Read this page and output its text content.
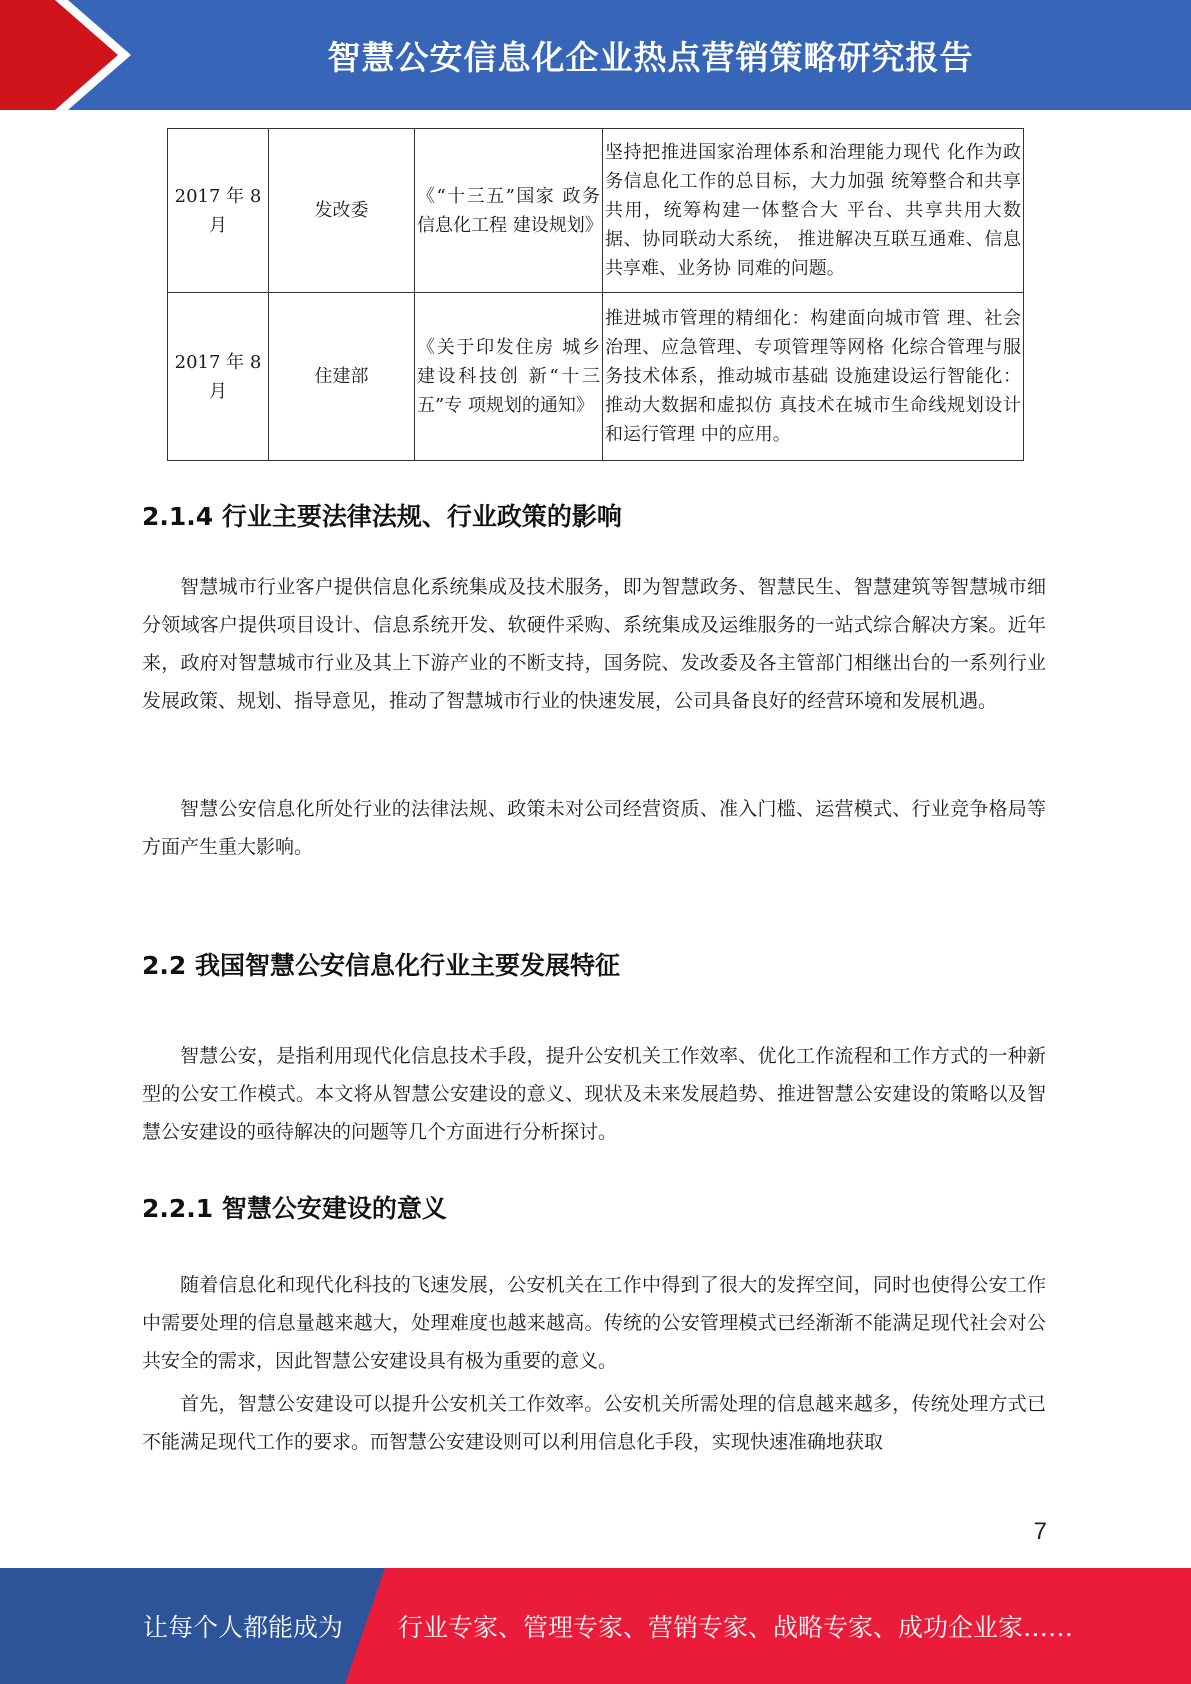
智慧公安信息化企业热点营销策略研究报告
2017 年 8 月	发改委	《“十三五”国家 政务信息化工程 建设规划》	坚持把推进国家治理体系和治理能力现代 化作为政务信息化工作的总目标，大力加强 统筹整合和共享共用，统筹构建一体整合大 平台、共享共用大数据、协同联动大系统， 推进解决互联互通难、信息共享难、业务协 同难的问题。
2017 年 8 月	住建部	《关于印发住房 城乡建设科技创 新“十三五”专 项规划的通知》	推进城市管理的精细化：构建面向城市管 理、社会治理、应急管理、专项管理等网格 化综合管理与服务技术体系，推动城市基础 设施建设运行智能化：推动大数据和虚拟仿 真技术在城市生命线规划设计和运行管理 中的应用。
2.1.4 行业主要法律法规、行业政策的影响

智慧城市行业客户提供信息化系统集成及技术服务，即为智慧政务、智慧民生、智慧建筑等智慧城市细分领域客户提供项目设计、信息系统开发、软硬件采购、系统集成及运维服务的一站式综合解决方案。近年来，政府对智慧城市行业及其上下游产业的不断支持，国务院、发改委及各主管部门相继出台的一系列行业发展政策、规划、指导意见，推动了智慧城市行业的快速发展，公司具备良好的经营环境和发展机遇。

智慧公安信息化所处行业的法律法规、政策未对公司经营资质、准入门槛、运营模式、行业竞争格局等方面产生重大影响。

2.2 我国智慧公安信息化行业主要发展特征

智慧公安，是指利用现代化信息技术手段，提升公安机关工作效率、优化工作流程和工作方式的一种新型的公安工作模式。本文将从智慧公安建设的意义、现状及未来发展趋势、推进智慧公安建设的策略以及智慧公安建设的亟待解决的问题等几个方面进行分析探讨。

2.2.1 智慧公安建设的意义

随着信息化和现代化科技的飞速发展，公安机关在工作中得到了很大的发挥空间，同时也使得公安工作中需要处理的信息量越来越大，处理难度也越来越高。传统的公安管理模式已经渐渐不能满足现代社会对公共安全的需求，因此智慧公安建设具有极为重要的意义。

首先，智慧公安建设可以提升公安机关工作效率。公安机关所需处理的信息越来越多，传统处理方式已不能满足现代工作的要求。而智慧公安建设则可以利用信息化手段，实现快速准确地获取

7
让每个人都能成为 行业专家、管理专家、营销专家、战略专家、成功企业家……
